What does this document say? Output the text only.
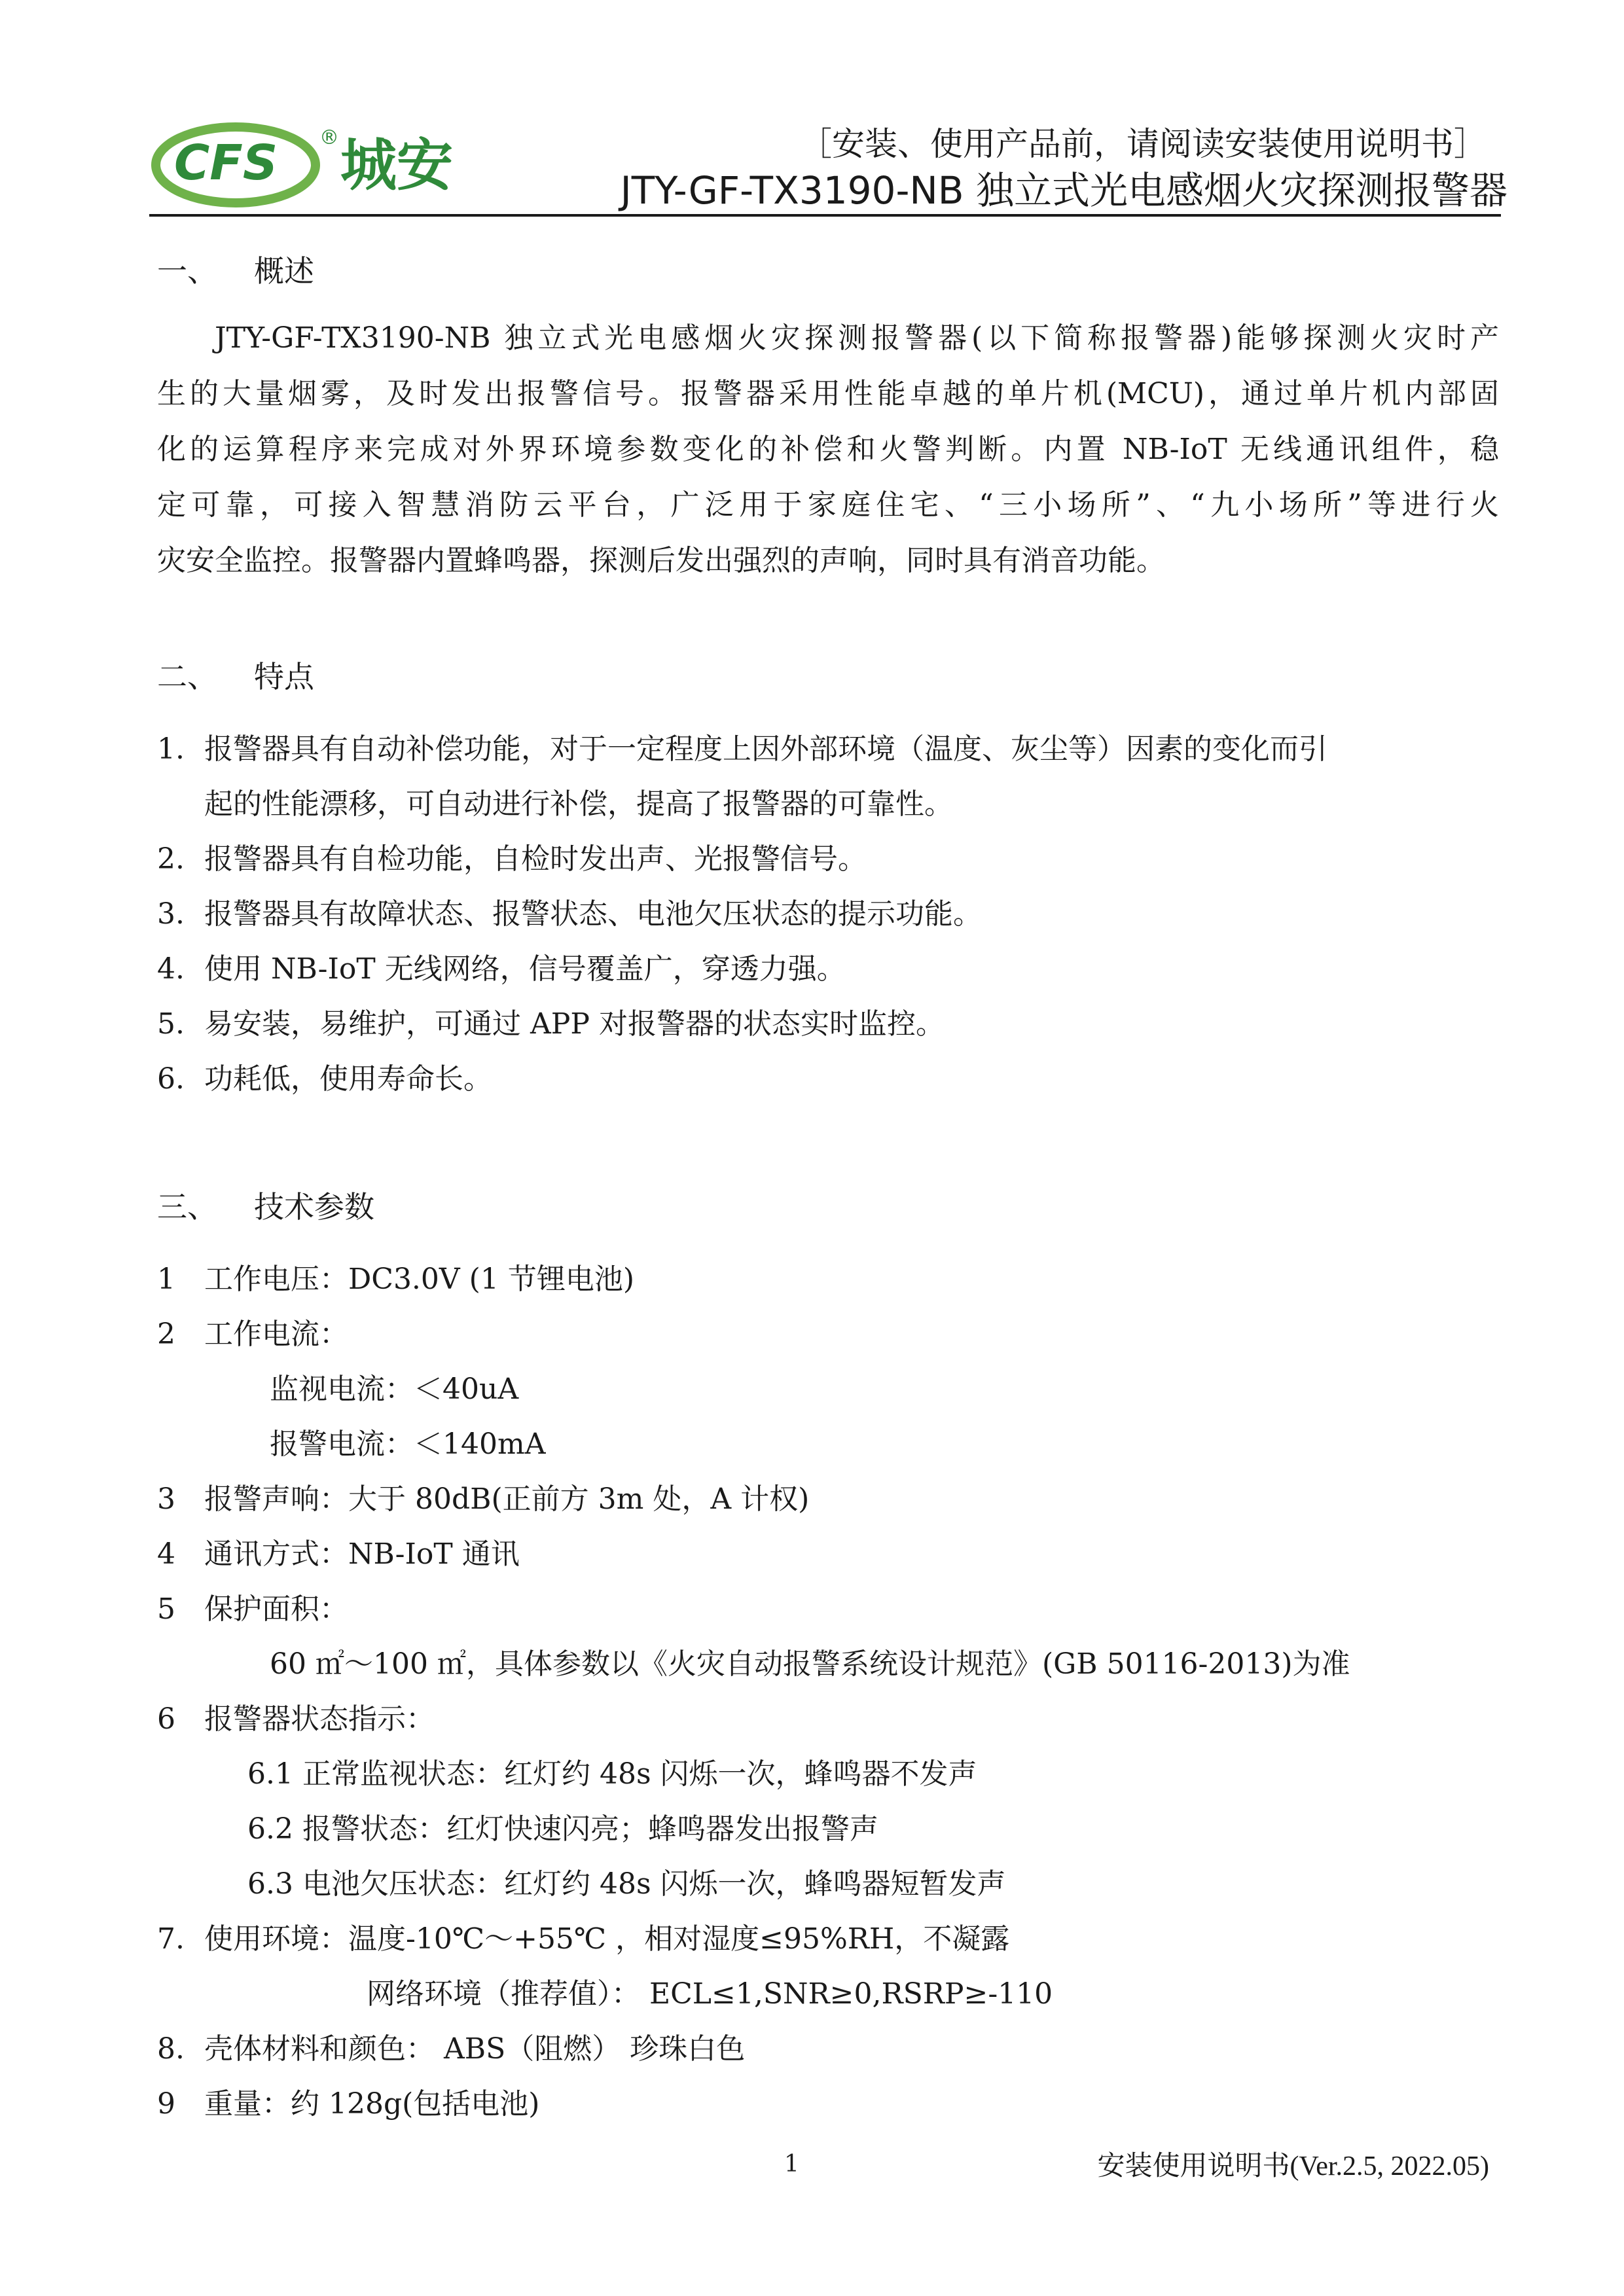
CFS ® 城安	［安装、使用产品前，请阅读安装使用说明书］
JTY-GF-TX3190-NB 独立式光电感烟火灾探测报警器
一、 概述
JTY-GF-TX3190-NB 独立式光电感烟火灾探测报警器(以下简称报警器)能够探测火灾时产
生的大量烟雾，及时发出报警信号。报警器采用性能卓越的单片机(MCU)，通过单片机内部固
化的运算程序来完成对外界环境参数变化的补偿和火警判断。内置 NB-IoT 无线通讯组件，稳
定可靠，可接入智慧消防云平台，广泛用于家庭住宅、“三小场所”、“九小场所”等进行火
灾安全监控。报警器内置蜂鸣器，探测后发出强烈的声响，同时具有消音功能。
二、 特点
1. 报警器具有自动补偿功能，对于一定程度上因外部环境（温度、灰尘等）因素的变化而引
起的性能漂移，可自动进行补偿，提高了报警器的可靠性。
2. 报警器具有自检功能，自检时发出声、光报警信号。
3. 报警器具有故障状态、报警状态、电池欠压状态的提示功能。
4. 使用 NB-IoT 无线网络，信号覆盖广，穿透力强。
5. 易安装，易维护，可通过 APP 对报警器的状态实时监控。
6. 功耗低，使用寿命长。
三、 技术参数
1 工作电压：DC3.0V (1 节锂电池)
2 工作电流：
监视电流：＜40uA
报警电流：＜140mA
3 报警声响：大于 80dB(正前方 3m 处，A 计权)
4 通讯方式：NB-IoT 通讯
5 保护面积：
60 ㎡～100 ㎡，具体参数以《火灾自动报警系统设计规范》(GB 50116-2013)为准
6 报警器状态指示：
6.1 正常监视状态：红灯约 48s 闪烁一次，蜂鸣器不发声
6.2 报警状态：红灯快速闪亮；蜂鸣器发出报警声
6.3 电池欠压状态：红灯约 48s 闪烁一次，蜂鸣器短暂发声
7. 使用环境：温度-10℃～+55℃ ，相对湿度≤95%RH，不凝露
网络环境（推荐值）： ECL≤1,SNR≥0,RSRP≥-110
8. 壳体材料和颜色： ABS（阻燃） 珍珠白色
9 重量：约 128g(包括电池)
1	安装使用说明书(Ver.2.5, 2022.05)
